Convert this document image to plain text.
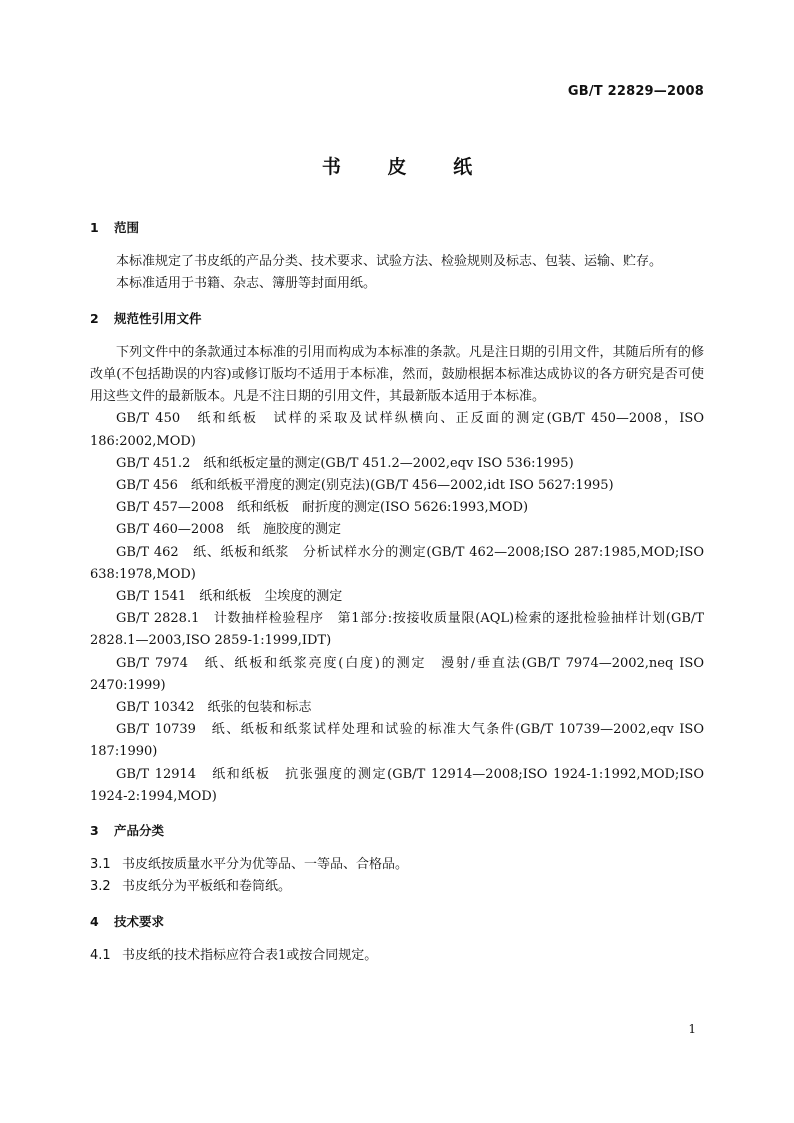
GB/T 22829—2008
书 皮 纸
1 范围
本标准规定了书皮纸的产品分类、技术要求、试验方法、检验规则及标志、包装、运输、贮存。
本标准适用于书籍、杂志、簿册等封面用纸。
2 规范性引用文件
下列文件中的条款通过本标准的引用而构成为本标准的条款。凡是注日期的引用文件，其随后所有的修改单(不包括勘误的内容)或修订版均不适用于本标准，然而，鼓励根据本标准达成协议的各方研究是否可使用这些文件的最新版本。凡是不注日期的引用文件，其最新版本适用于本标准。
GB/T 450　纸和纸板　试样的采取及试样纵横向、正反面的测定(GB/T 450—2008，ISO 186:2002,MOD)
GB/T 451.2　纸和纸板定量的测定(GB/T 451.2—2002,eqv ISO 536:1995)
GB/T 456　纸和纸板平滑度的测定(别克法)(GB/T 456—2002,idt ISO 5627:1995)
GB/T 457—2008　纸和纸板　耐折度的测定(ISO 5626:1993,MOD)
GB/T 460—2008　纸　施胶度的测定
GB/T 462　纸、纸板和纸浆　分析试样水分的测定(GB/T 462—2008;ISO 287:1985,MOD;ISO 638:1978,MOD)
GB/T 1541　纸和纸板　尘埃度的测定
GB/T 2828.1　计数抽样检验程序　第1部分:按接收质量限(AQL)检索的逐批检验抽样计划(GB/T 2828.1—2003,ISO 2859-1:1999,IDT)
GB/T 7974　纸、纸板和纸浆亮度(白度)的测定　漫射/垂直法(GB/T 7974—2002,neq ISO 2470:1999)
GB/T 10342　纸张的包装和标志
GB/T 10739　纸、纸板和纸浆试样处理和试验的标准大气条件(GB/T 10739—2002,eqv ISO 187:1990)
GB/T 12914　纸和纸板　抗张强度的测定(GB/T 12914—2008;ISO 1924-1:1992,MOD;ISO 1924-2:1994,MOD)
3 产品分类
3.1 书皮纸按质量水平分为优等品、一等品、合格品。
3.2 书皮纸分为平板纸和卷筒纸。
4 技术要求
4.1 书皮纸的技术指标应符合表1或按合同规定。
1
